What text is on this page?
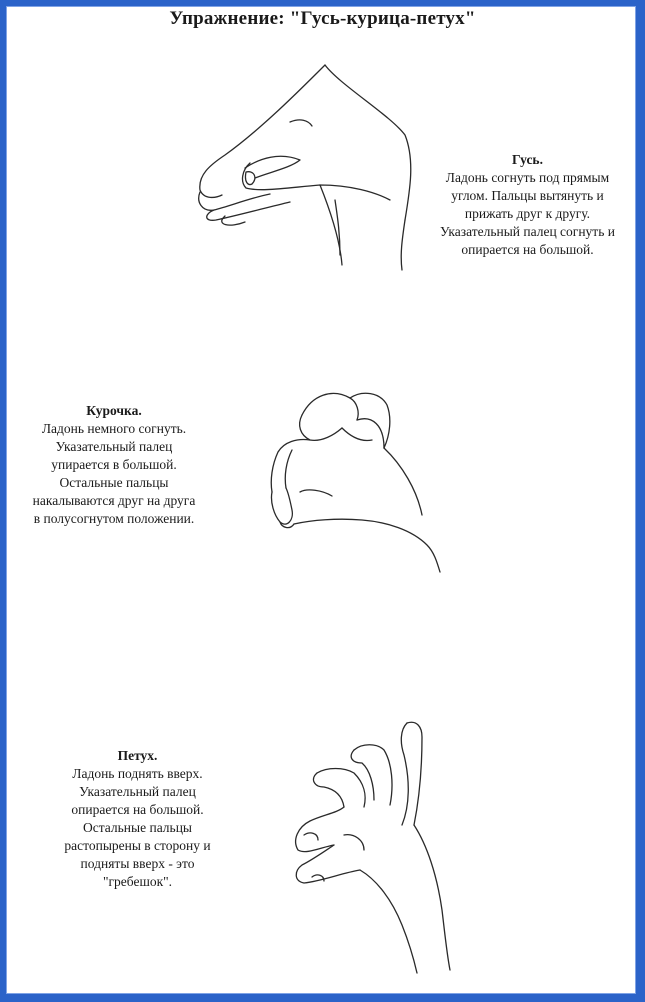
Упражнение: "Гусь-курица-петух"
Гусь.
Ладонь согнуть под прямым
углом. Пальцы вытянуть и
прижать друг к другу.
Указательный палец согнуть и
опирается на большой.
Курочка.
Ладонь немного согнуть.
Указательный палец
упирается в большой.
Остальные пальцы
накалываются друг на друга
в полусогнутом положении.
Петух.
Ладонь поднять вверх.
Указательный палец
опирается на большой.
Остальные пальцы
растопырены в сторону и
подняты вверх - это
"гребешок".
